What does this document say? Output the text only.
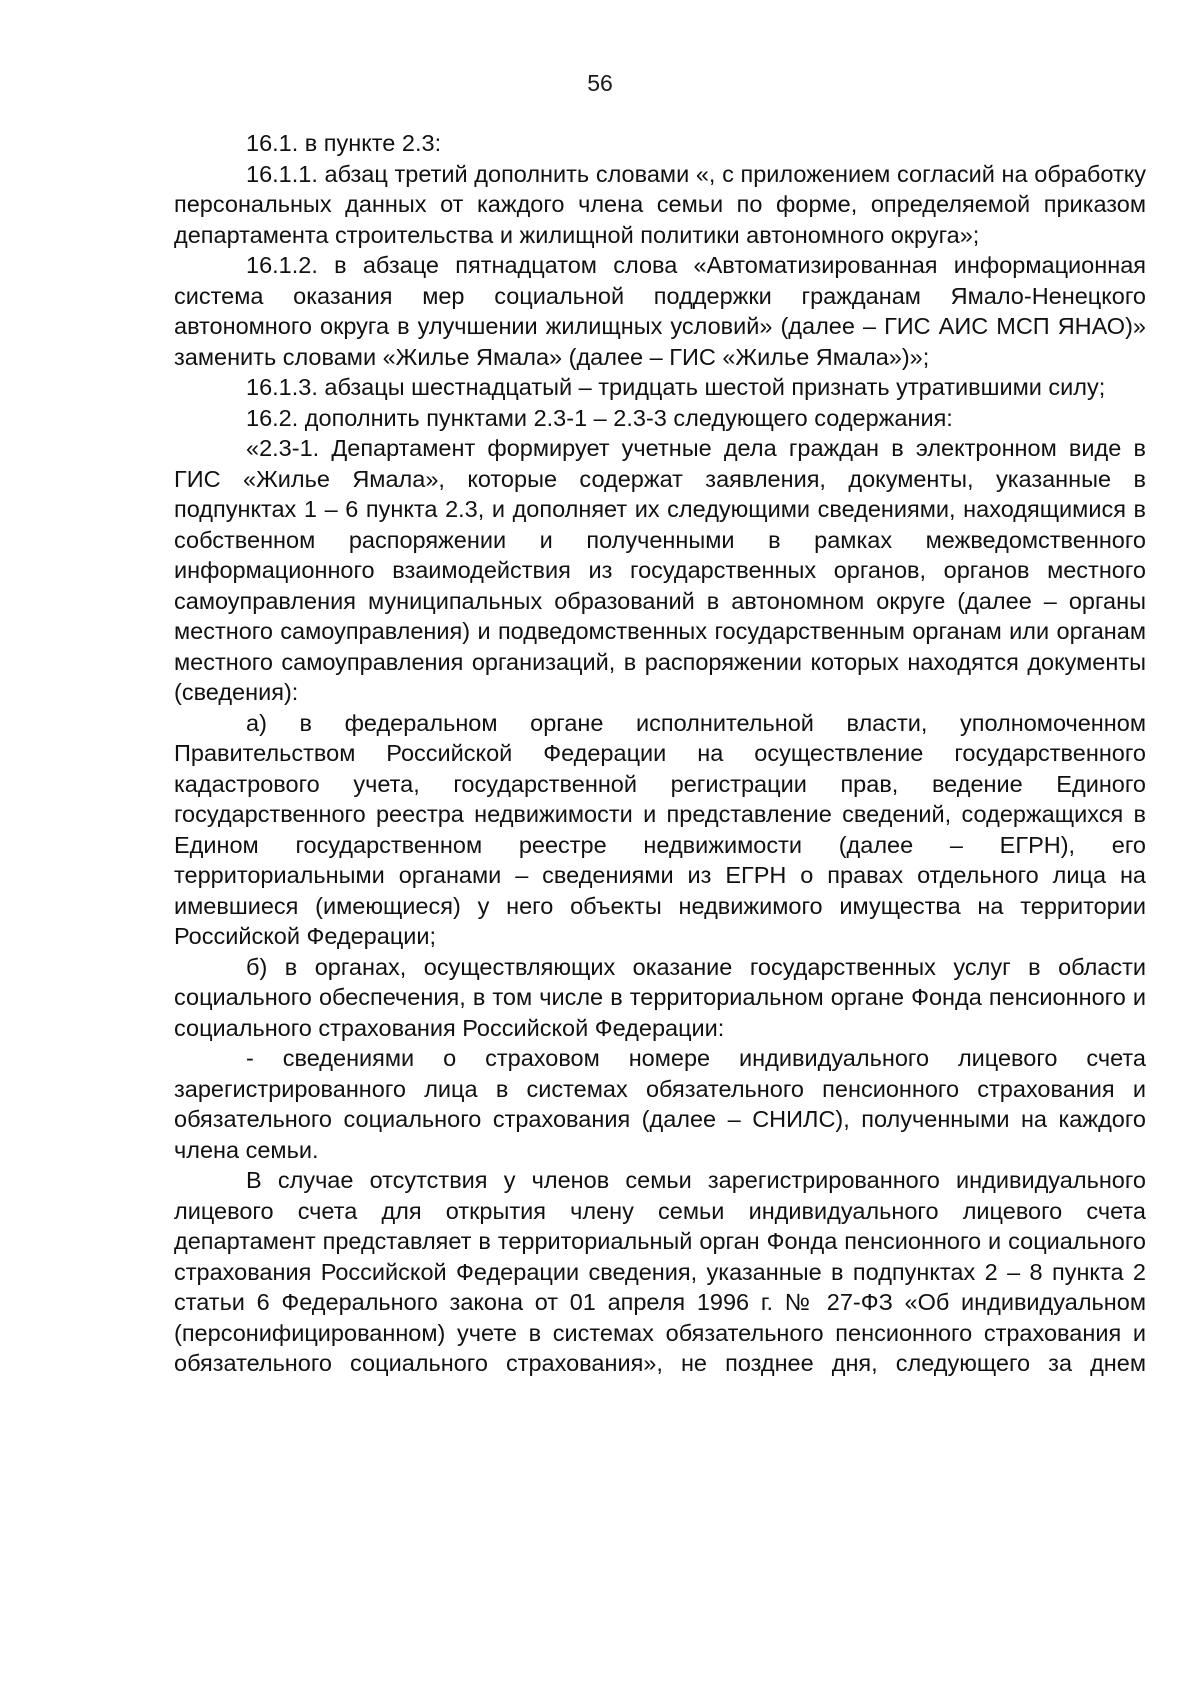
56

16.1. в пункте 2.3:

16.1.1. абзац третий дополнить словами «, с приложением согласий на обработку персональных данных от каждого члена семьи по форме, определяемой приказом департамента строительства и жилищной политики автономного округа»;

16.1.2. в абзаце пятнадцатом слова «Автоматизированная информационная система оказания мер социальной поддержки гражданам Ямало-Ненецкого автономного округа в улучшении жилищных условий» (далее – ГИС АИС МСП ЯНАО)» заменить словами «Жилье Ямала» (далее – ГИС «Жилье Ямала»)»;

16.1.3. абзацы шестнадцатый – тридцать шестой признать утратившими силу;

16.2. дополнить пунктами 2.3-1 – 2.3-3 следующего содержания:

«2.3-1. Департамент формирует учетные дела граждан в электронном виде в ГИС «Жилье Ямала», которые содержат заявления, документы, указанные в подпунктах 1 – 6 пункта 2.3, и дополняет их следующими сведениями, находящимися в собственном распоряжении и полученными в рамках межведомственного информационного взаимодействия из государственных органов, органов местного самоуправления муниципальных образований в автономном округе (далее – органы местного самоуправления) и подведомственных государственным органам или органам местного самоуправления организаций, в распоряжении которых находятся документы (сведения):

а) в федеральном органе исполнительной власти, уполномоченном Правительством Российской Федерации на осуществление государственного кадастрового учета, государственной регистрации прав, ведение Единого государственного реестра недвижимости и представление сведений, содержащихся в Едином государственном реестре недвижимости (далее – ЕГРН), его территориальными органами – сведениями из ЕГРН о правах отдельного лица на имевшиеся (имеющиеся) у него объекты недвижимого имущества на территории Российской Федерации;

б) в органах, осуществляющих оказание государственных услуг в области социального обеспечения, в том числе в территориальном органе Фонда пенсионного и социального страхования Российской Федерации:

- сведениями о страховом номере индивидуального лицевого счета зарегистрированного лица в системах обязательного пенсионного страхования и обязательного социального страхования (далее – СНИЛС), полученными на каждого члена семьи.

В случае отсутствия у членов семьи зарегистрированного индивидуального лицевого счета для открытия члену семьи индивидуального лицевого счета департамент представляет в территориальный орган Фонда пенсионного и социального страхования Российской Федерации сведения, указанные в подпунктах 2 – 8 пункта 2 статьи 6 Федерального закона от 01 апреля 1996 г. № 27-ФЗ «Об индивидуальном (персонифицированном) учете в системах обязательного пенсионного страхования и обязательного социального страхования», не позднее дня, следующего за днем
